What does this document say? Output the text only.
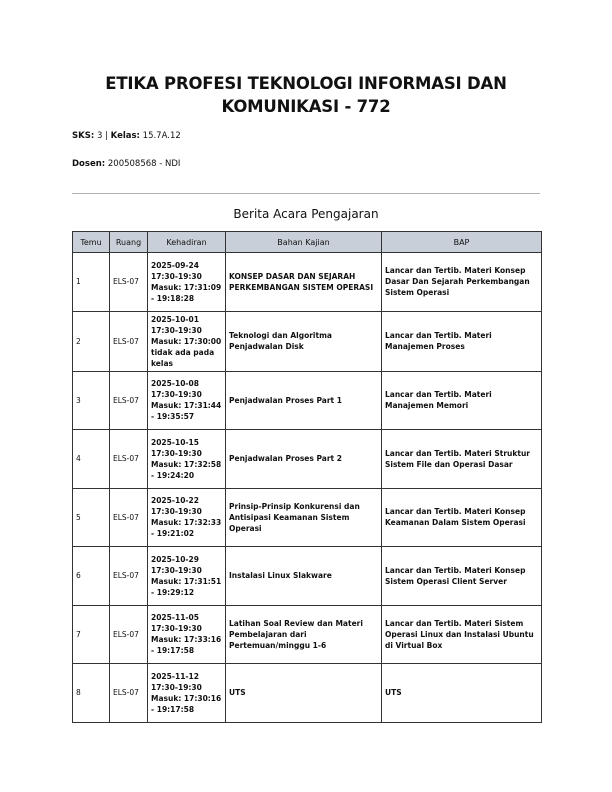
ETIKA PROFESI TEKNOLOGI INFORMASI DAN KOMUNIKASI - 772
SKS: 3 | Kelas: 15.7A.12
Dosen: 200508568 - NDI
Berita Acara Pengajaran
Temu	Ruang	Kehadiran	Bahan Kajian	BAP
1	ELS-07	2025-09-24 17:30-19:30 Masuk: 17:31:09 - 19:18:28	KONSEP DASAR DAN SEJARAH PERKEMBANGAN SISTEM OPERASI	Lancar dan Tertib. Materi Konsep Dasar Dan Sejarah Perkembangan Sistem Operasi
2	ELS-07	2025-10-01 17:30-19:30 Masuk: 17:30:00 tidak ada pada kelas	Teknologi dan Algoritma Penjadwalan Disk	Lancar dan Tertib. Materi Manajemen Proses
3	ELS-07	2025-10-08 17:30-19:30 Masuk: 17:31:44 - 19:35:57	Penjadwalan Proses Part 1	Lancar dan Tertib. Materi Manajemen Memori
4	ELS-07	2025-10-15 17:30-19:30 Masuk: 17:32:58 - 19:24:20	Penjadwalan Proses Part 2	Lancar dan Tertib. Materi Struktur Sistem File dan Operasi Dasar
5	ELS-07	2025-10-22 17:30-19:30 Masuk: 17:32:33 - 19:21:02	Prinsip-Prinsip Konkurensi dan Antisipasi Keamanan Sistem Operasi	Lancar dan Tertib. Materi Konsep Keamanan Dalam Sistem Operasi
6	ELS-07	2025-10-29 17:30-19:30 Masuk: 17:31:51 - 19:29:12	Instalasi Linux Slakware	Lancar dan Tertib. Materi Konsep Sistem Operasi Client Server
7	ELS-07	2025-11-05 17:30-19:30 Masuk: 17:33:16 - 19:17:58	Latihan Soal Review dan Materi Pembelajaran dari Pertemuan/minggu 1-6	Lancar dan Tertib. Materi Sistem Operasi Linux dan Instalasi Ubuntu di Virtual Box
8	ELS-07	2025-11-12 17:30-19:30 Masuk: 17:30:16 - 19:17:58	UTS	UTS
